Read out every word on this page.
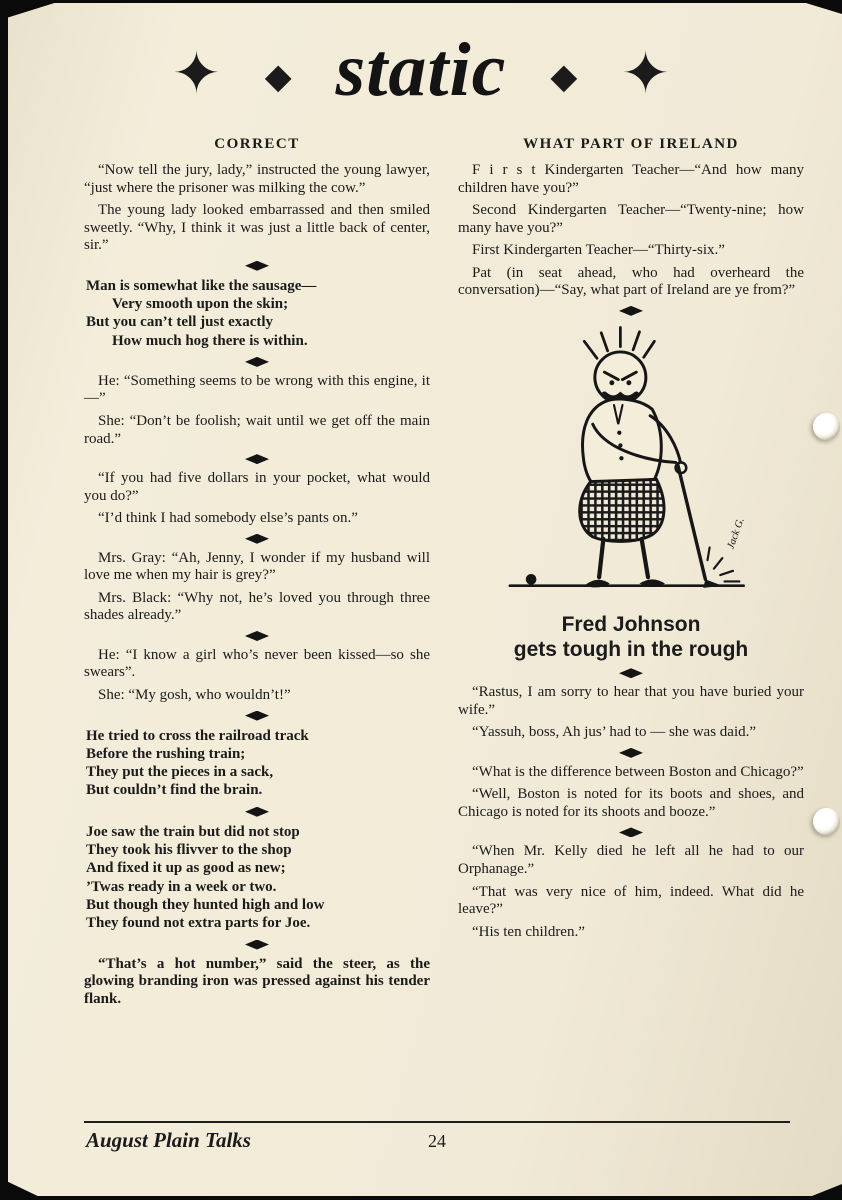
✦ ◆ static ◆ ✦
CORRECT

“Now tell the jury, lady,” instructed the young lawyer, “just where the prisoner was milking the cow.”

The young lady looked embarrassed and then smiled sweetly. “Why, I think it was just a little back of center, sir.”

Man is somewhat like the sausage—
Very smooth upon the skin;
But you can’t tell just exactly
How much hog there is within.

He: “Something seems to be wrong with this engine, it—”

She: “Don’t be foolish; wait until we get off the main road.”

“If you had five dollars in your pocket, what would you do?”

“I’d think I had somebody else’s pants on.”

Mrs. Gray: “Ah, Jenny, I wonder if my husband will love me when my hair is grey?”

Mrs. Black: “Why not, he’s loved you through three shades already.”

He: “I know a girl who’s never been kissed—so she swears”.

She: “My gosh, who wouldn’t!”

He tried to cross the railroad track
Before the rushing train;
They put the pieces in a sack,
But couldn’t find the brain.
Joe saw the train but did not stop
They took his flivver to the shop
And fixed it up as good as new;
’Twas ready in a week or two.
But though they hunted high and low
They found not extra parts for Joe.

“That’s a hot number,” said the steer, as the glowing branding iron was pressed against his tender flank.

WHAT PART OF IRELAND

F i r s t Kindergarten Teacher—“And how many children have you?”

Second Kindergarten Teacher—“Twenty-nine; how many have you?”

First Kindergarten Teacher—“Thirty-six.”

Pat (in seat ahead, who had overheard the conversation)—“Say, what part of Ireland are ye from?”

Jack G.
Fred Johnson
gets tough in the rough

“Rastus, I am sorry to hear that you have buried your wife.”

“Yassuh, boss, Ah jus’ had to — she was daid.”

“What is the difference between Boston and Chicago?”

“Well, Boston is noted for its boots and shoes, and Chicago is noted for its shoots and booze.”

“When Mr. Kelly died he left all he had to our Orphanage.”

“That was very nice of him, indeed. What did he leave?”

“His ten children.”

August Plain Talks	24
